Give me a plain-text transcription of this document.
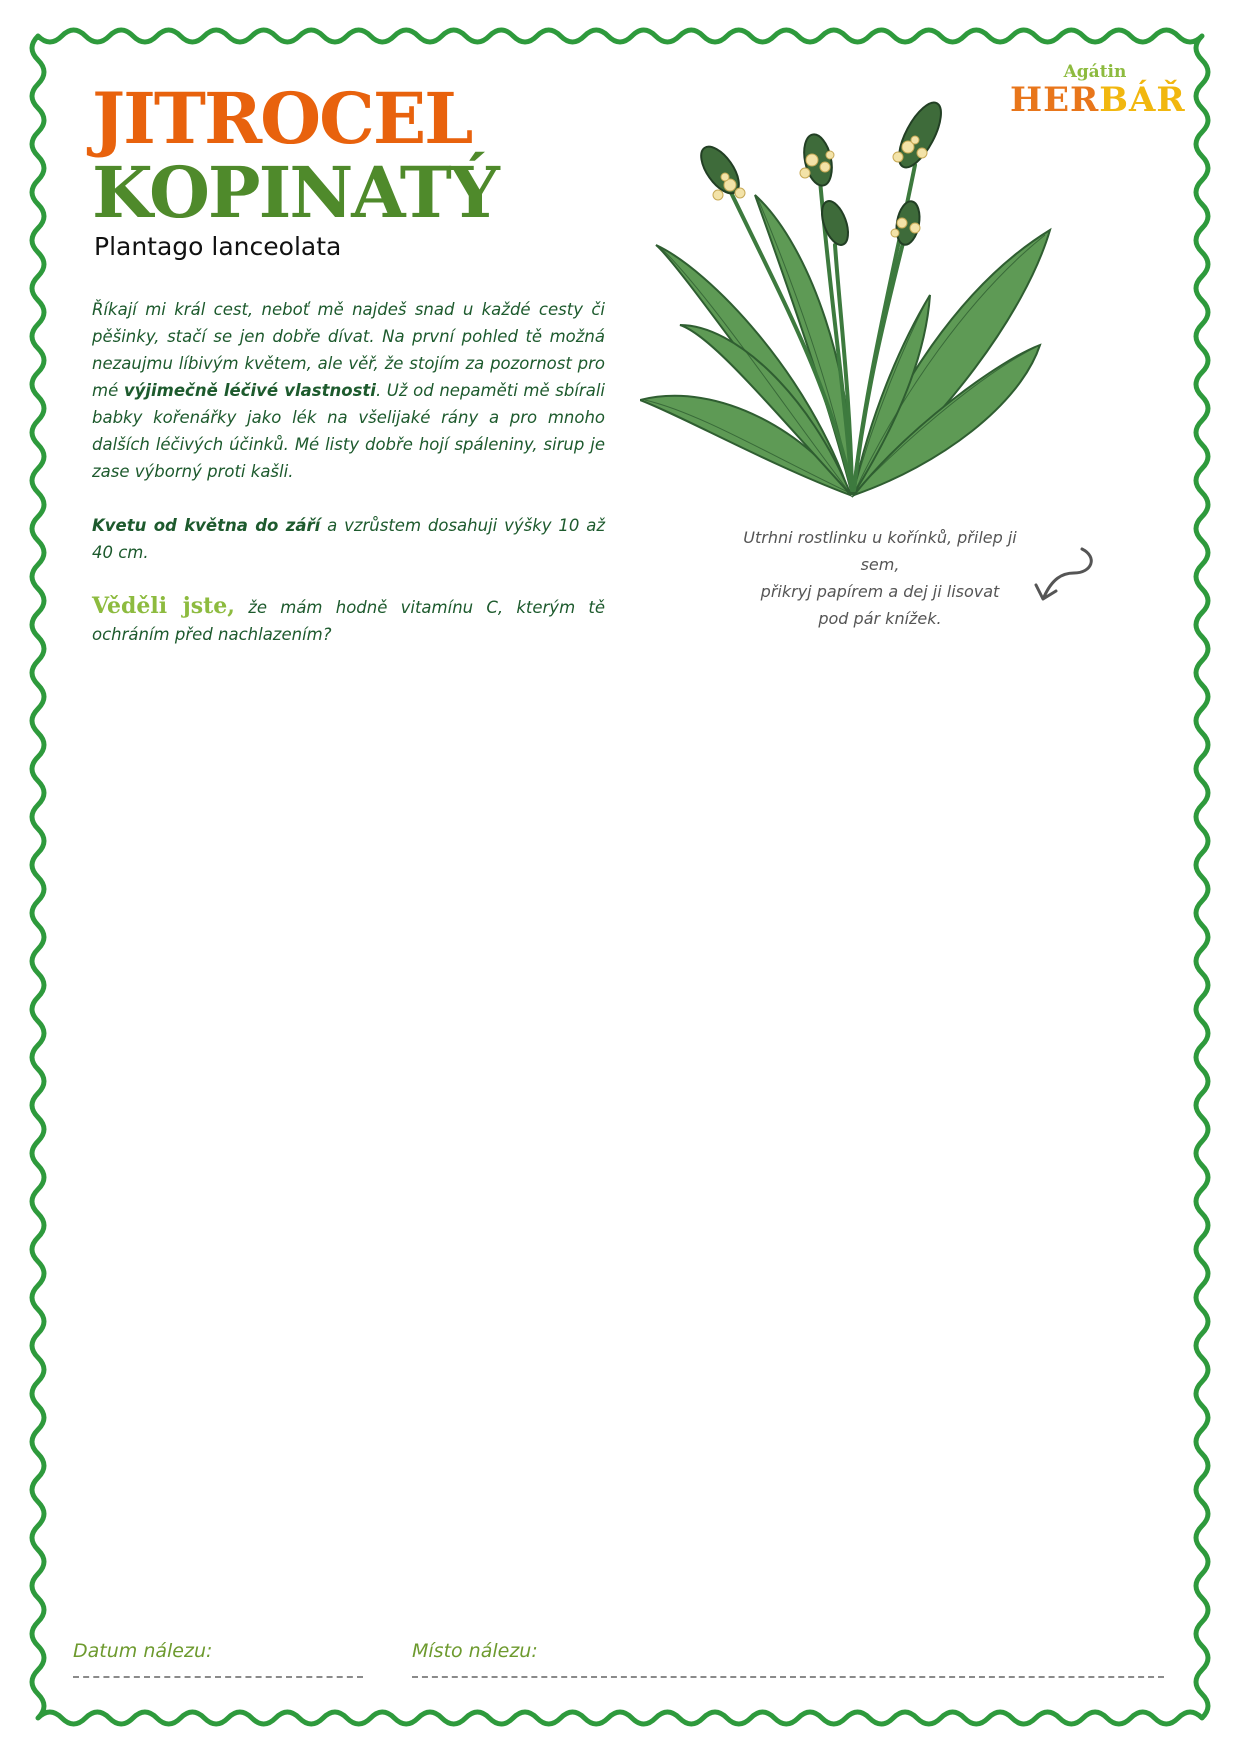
Agátin
HERBÁŘ
JITROCEL
KOPINATÝ
Plantago lanceolata

Říkají mi král cest, neboť mě najdeš snad u každé cesty či pěšinky, stačí se jen dobře dívat. Na první pohled tě možná nezaujmu líbivým květem, ale věř, že stojím za pozornost pro mé výjimečně léčivé vlastnosti. Už od nepaměti mě sbírali babky kořenářky jako lék na všelijaké rány a pro mnoho dalších léčivých účinků. Mé listy dobře hojí spáleniny, sirup je zase výborný proti kašli.

Kvetu od května do září a vzrůstem dosahuji výšky 10 až 40 cm.

Věděli jste, že mám hodně vitamínu C, kterým tě ochráním před nachlazením?

Utrhni rostlinku u kořínků, přilep ji sem,
přikryj papírem a dej ji lisovat
pod pár knížek.
Datum nálezu:	Místo nálezu:
